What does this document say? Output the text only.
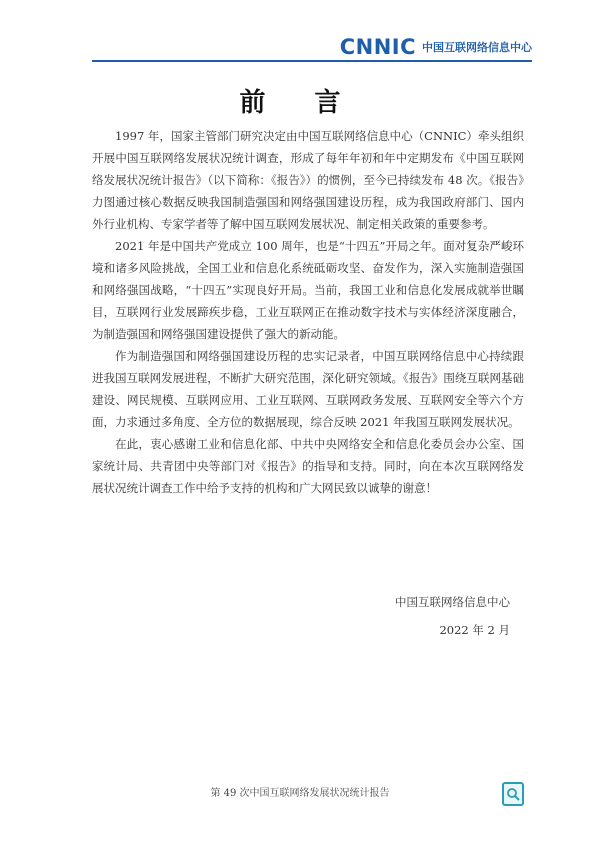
CNNIC 中国互联网络信息中心
前 言

1997 年，国家主管部门研究决定由中国互联网络信息中心（CNNIC）牵头组织开展中国互联网络发展状况统计调查，形成了每年年初和年中定期发布《中国互联网络发展状况统计报告》（以下简称：《报告》）的惯例，至今已持续发布 48 次。《报告》力图通过核心数据反映我国制造强国和网络强国建设历程，成为我国政府部门、国内外行业机构、专家学者等了解中国互联网发展状况、制定相关政策的重要参考。

2021 年是中国共产党成立 100 周年，也是“十四五”开局之年。面对复杂严峻环境和诸多风险挑战，全国工业和信息化系统砥砺攻坚、奋发作为，深入实施制造强国和网络强国战略，“十四五”实现良好开局。当前，我国工业和信息化发展成就举世瞩目，互联网行业发展蹄疾步稳，工业互联网正在推动数字技术与实体经济深度融合，为制造强国和网络强国建设提供了强大的新动能。

作为制造强国和网络强国建设历程的忠实记录者，中国互联网络信息中心持续跟进我国互联网发展进程，不断扩大研究范围，深化研究领域。《报告》围绕互联网基础建设、网民规模、互联网应用、工业互联网、互联网政务发展、互联网安全等六个方面，力求通过多角度、全方位的数据展现，综合反映 2021 年我国互联网发展状况。

在此，衷心感谢工业和信息化部、中共中央网络安全和信息化委员会办公室、国家统计局、共青团中央等部门对《报告》的指导和支持。同时，向在本次互联网络发展状况统计调查工作中给予支持的机构和广大网民致以诚挚的谢意！

中国互联网络信息中心
2022 年 2 月
第 49 次中国互联网络发展状况统计报告
